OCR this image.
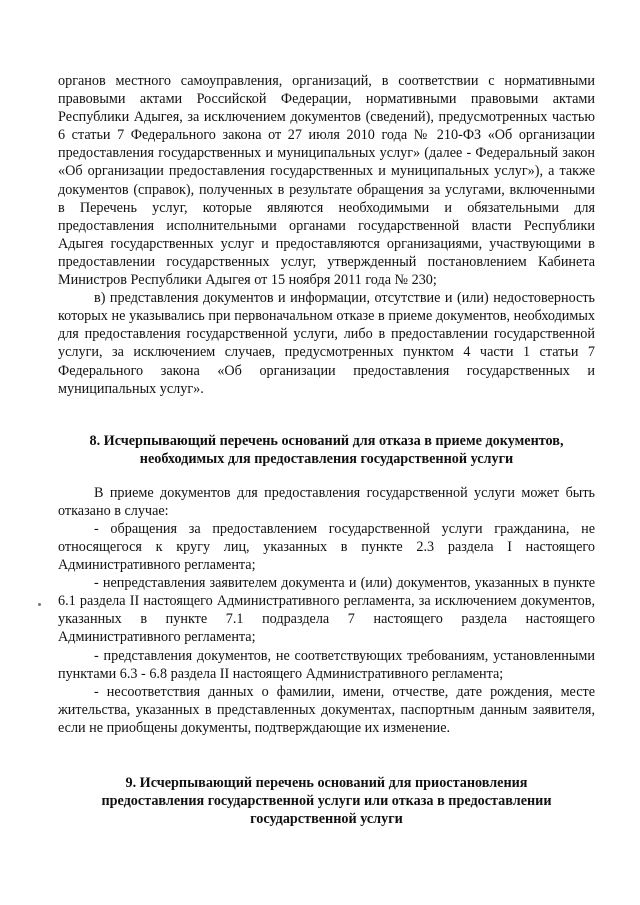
органов местного самоуправления, организаций, в соответствии с нормативными правовыми актами Российской Федерации, нормативными правовыми актами Республики Адыгея, за исключением документов (сведений), предусмотренных частью 6 статьи 7 Федерального закона от 27 июля 2010 года № 210-ФЗ «Об организации предоставления государственных и муниципальных услуг» (далее - Федеральный закон «Об организации предоставления государственных и муниципальных услуг»), а также документов (справок), полученных в результате обращения за услугами, включенными в Перечень услуг, которые являются необходимыми и обязательными для предоставления исполнительными органами государственной власти Республики Адыгея государственных услуг и предоставляются организациями, участвующими в предоставлении государственных услуг, утвержденный постановлением Кабинета Министров Республики Адыгея от 15 ноября 2011 года № 230;

в) представления документов и информации, отсутствие и (или) недостоверность которых не указывались при первоначальном отказе в приеме документов, необходимых для предоставления государственной услуги, либо в предоставлении государственной услуги, за исключением случаев, предусмотренных пунктом 4 части 1 статьи 7 Федерального закона «Об организации предоставления государственных и муниципальных услуг».

8. Исчерпывающий перечень оснований для отказа в приеме документов, необходимых для предоставления государственной услуги

В приеме документов для предоставления государственной услуги может быть отказано в случае:

- обращения за предоставлением государственной услуги гражданина, не относящегося к кругу лиц, указанных в пункте 2.3 раздела I настоящего Административного регламента;

- непредставления заявителем документа и (или) документов, указанных в пункте 6.1 раздела II настоящего Административного регламента, за исключением документов, указанных в пункте 7.1 подраздела 7 настоящего раздела настоящего Административного регламента;

- представления документов, не соответствующих требованиям, установленными пунктами 6.3 - 6.8 раздела II настоящего Административного регламента;

- несоответствия данных о фамилии, имени, отчестве, дате рождения, месте жительства, указанных в представленных документах, паспортным данным заявителя, если не приобщены документы, подтверждающие их изменение.

9. Исчерпывающий перечень оснований для приостановления предоставления государственной услуги или отказа в предоставлении государственной услуги
